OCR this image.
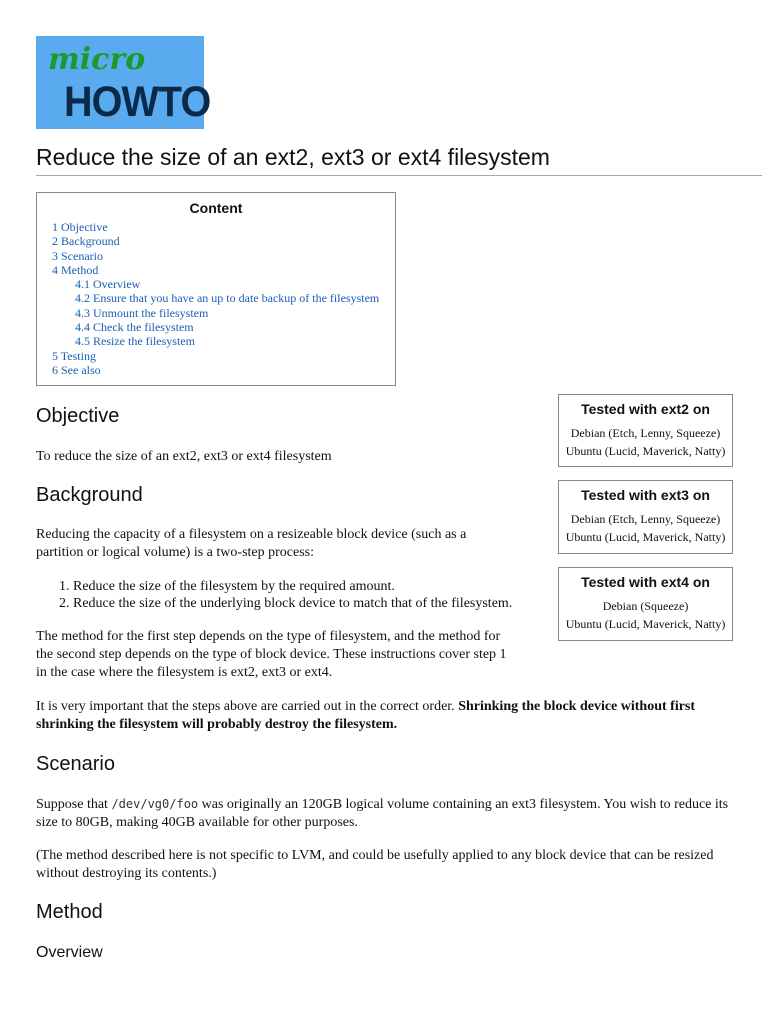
micro
HOWTO
Reduce the size of an ext2, ext3 or ext4 filesystem
Content
1 Objective
2 Background
3 Scenario
4 Method
4.1 Overview
4.2 Ensure that you have an up to date backup of the filesystem
4.3 Unmount the filesystem
4.4 Check the filesystem
4.5 Resize the filesystem
5 Testing
6 See also
Tested with ext2 on
Debian (Etch, Lenny, Squeeze)
Ubuntu (Lucid, Maverick, Natty)
Tested with ext3 on
Debian (Etch, Lenny, Squeeze)
Ubuntu (Lucid, Maverick, Natty)
Tested with ext4 on
Debian (Squeeze)
Ubuntu (Lucid, Maverick, Natty)
Objective

To reduce the size of an ext2, ext3 or ext4 filesystem

Background

Reducing the capacity of a filesystem on a resizeable block device (such as a
partition or logical volume) is a two-step process:

1. Reduce the size of the filesystem by the required amount.
2. Reduce the size of the underlying block device to match that of the filesystem.

The method for the first step depends on the type of filesystem, and the method for
the second step depends on the type of block device. These instructions cover step 1
in the case where the filesystem is ext2, ext3 or ext4.

It is very important that the steps above are carried out in the correct order. Shrinking the block device without first shrinking the filesystem will probably destroy the filesystem.

Scenario

Suppose that /dev/vg0/foo was originally an 120GB logical volume containing an ext3 filesystem. You wish to reduce its size to 80GB, making 40GB available for other purposes.

(The method described here is not specific to LVM, and could be usefully applied to any block device that can be resized without destroying its contents.)

Method
Overview
